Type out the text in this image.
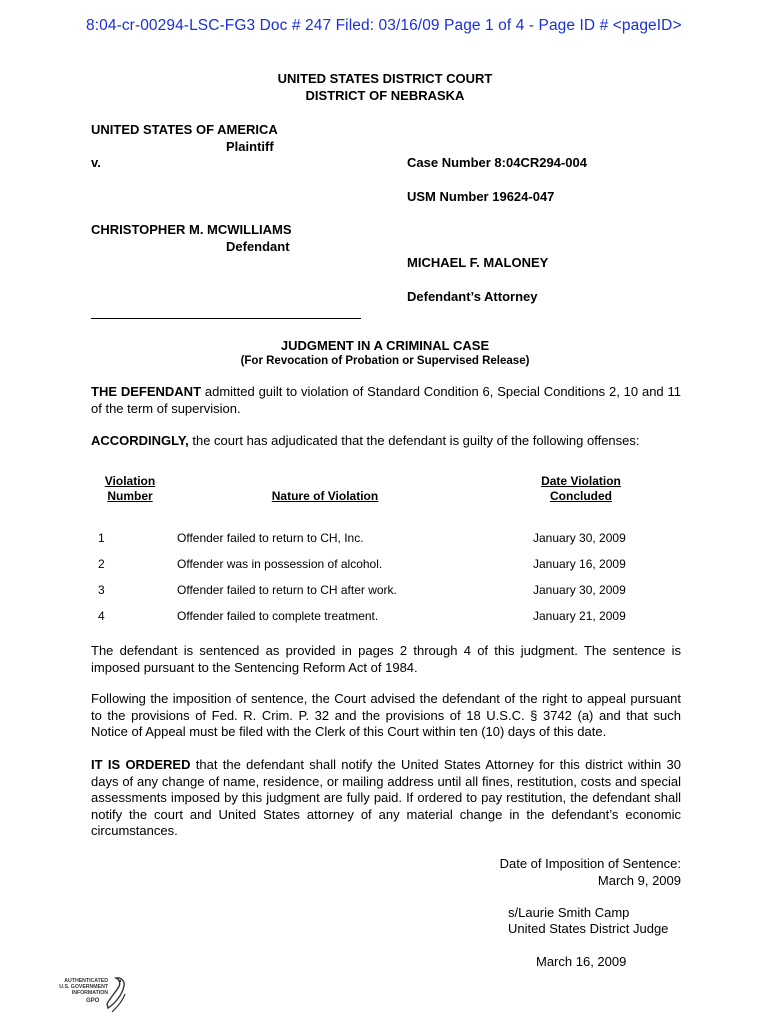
8:04-cr-00294-LSC-FG3 Doc # 247 Filed: 03/16/09 Page 1 of 4 - Page ID # <pageID>
UNITED STATES DISTRICT COURT
DISTRICT OF NEBRASKA
UNITED STATES OF AMERICA
Plaintiff
v.	Case Number 8:04CR294-004
USM Number 19624-047
CHRISTOPHER M. MCWILLIAMS
Defendant
MICHAEL F. MALONEY
Defendant’s Attorney
JUDGMENT IN A CRIMINAL CASE
(For Revocation of Probation or Supervised Release)
THE DEFENDANT admitted guilt to violation of Standard Condition 6, Special Conditions 2, 10 and 11 of the term of supervision.
ACCORDINGLY, the court has adjudicated that the defendant is guilty of the following offenses:
Violation
Number	Nature of Violation
Date Violation
Concluded
1	Offender failed to return to CH, Inc.	January 30, 2009
2	Offender was in possession of alcohol.	January 16, 2009
3	Offender failed to return to CH after work.	January 30, 2009
4	Offender failed to complete treatment.	January 21, 2009
The defendant is sentenced as provided in pages 2 through 4 of this judgment. The sentence is imposed pursuant to the Sentencing Reform Act of 1984.
Following the imposition of sentence, the Court advised the defendant of the right to appeal pursuant to the provisions of Fed. R. Crim. P. 32 and the provisions of 18 U.S.C. § 3742 (a) and that such Notice of Appeal must be filed with the Clerk of this Court within ten (10) days of this date.
IT IS ORDERED that the defendant shall notify the United States Attorney for this district within 30 days of any change of name, residence, or mailing address until all fines, restitution, costs and special assessments imposed by this judgment are fully paid. If ordered to pay restitution, the defendant shall notify the court and United States attorney of any material change in the defendant’s economic circumstances.
Date of Imposition of Sentence:
March 9, 2009
s/Laurie Smith Camp
United States District Judge
March 16, 2009
AUTHENTICATED
U.S. GOVERNMENT
INFORMATION
GPO
